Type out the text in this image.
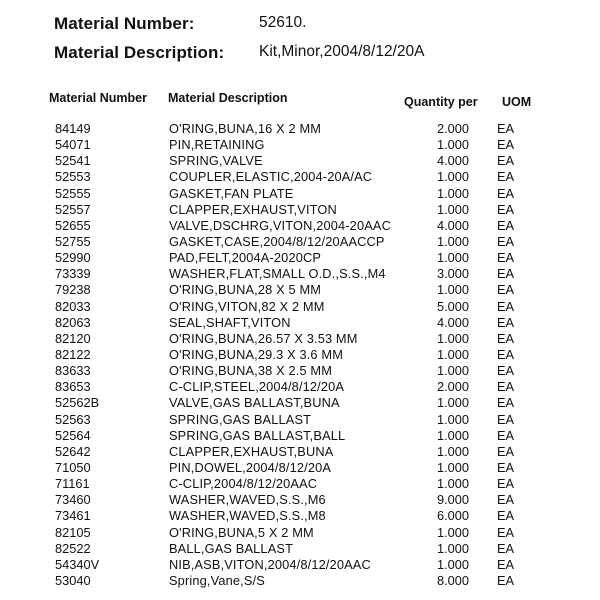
Material Number:	52610.
Material Description: Kit,Minor,2004/8/12/20A
Material Number Material Description	Quantity per UOM
84149	O'RING,BUNA,16 X 2 MM	2.000 EA
54071	PIN,RETAINING	1.000 EA
52541	SPRING,VALVE	4.000 EA
52553	COUPLER,ELASTIC,2004-20A/AC	1.000 EA
52555	GASKET,FAN PLATE	1.000 EA
52557	CLAPPER,EXHAUST,VITON	1.000 EA
52655	VALVE,DSCHRG,VITON,2004-20AAC	4.000 EA
52755	GASKET,CASE,2004/8/12/20AACCP	1.000 EA
52990	PAD,FELT,2004A-2020CP	1.000 EA
73339	WASHER,FLAT,SMALL O.D.,S.S.,M4	3.000 EA
79238	O'RING,BUNA,28 X 5 MM	1.000 EA
82033	O'RING,VITON,82 X 2 MM	5.000 EA
82063	SEAL,SHAFT,VITON	4.000 EA
82120	O'RING,BUNA,26.57 X 3.53 MM	1.000 EA
82122	O'RING,BUNA,29.3 X 3.6 MM	1.000 EA
83633	O'RING,BUNA,38 X 2.5 MM	1.000 EA
83653	C-CLIP,STEEL,2004/8/12/20A	2.000 EA
52562B	VALVE,GAS BALLAST,BUNA	1.000 EA
52563	SPRING,GAS BALLAST	1.000 EA
52564	SPRING,GAS BALLAST,BALL	1.000 EA
52642	CLAPPER,EXHAUST,BUNA	1.000 EA
71050	PIN,DOWEL,2004/8/12/20A	1.000 EA
71161	C-CLIP,2004/8/12/20AAC	1.000 EA
73460	WASHER,WAVED,S.S.,M6	9.000 EA
73461	WASHER,WAVED,S.S.,M8	6.000 EA
82105	O'RING,BUNA,5 X 2 MM	1.000 EA
82522	BALL,GAS BALLAST	1.000 EA
54340V	NIB,ASB,VITON,2004/8/12/20AAC	1.000 EA
53040	Spring,Vane,S/S	8.000 EA
